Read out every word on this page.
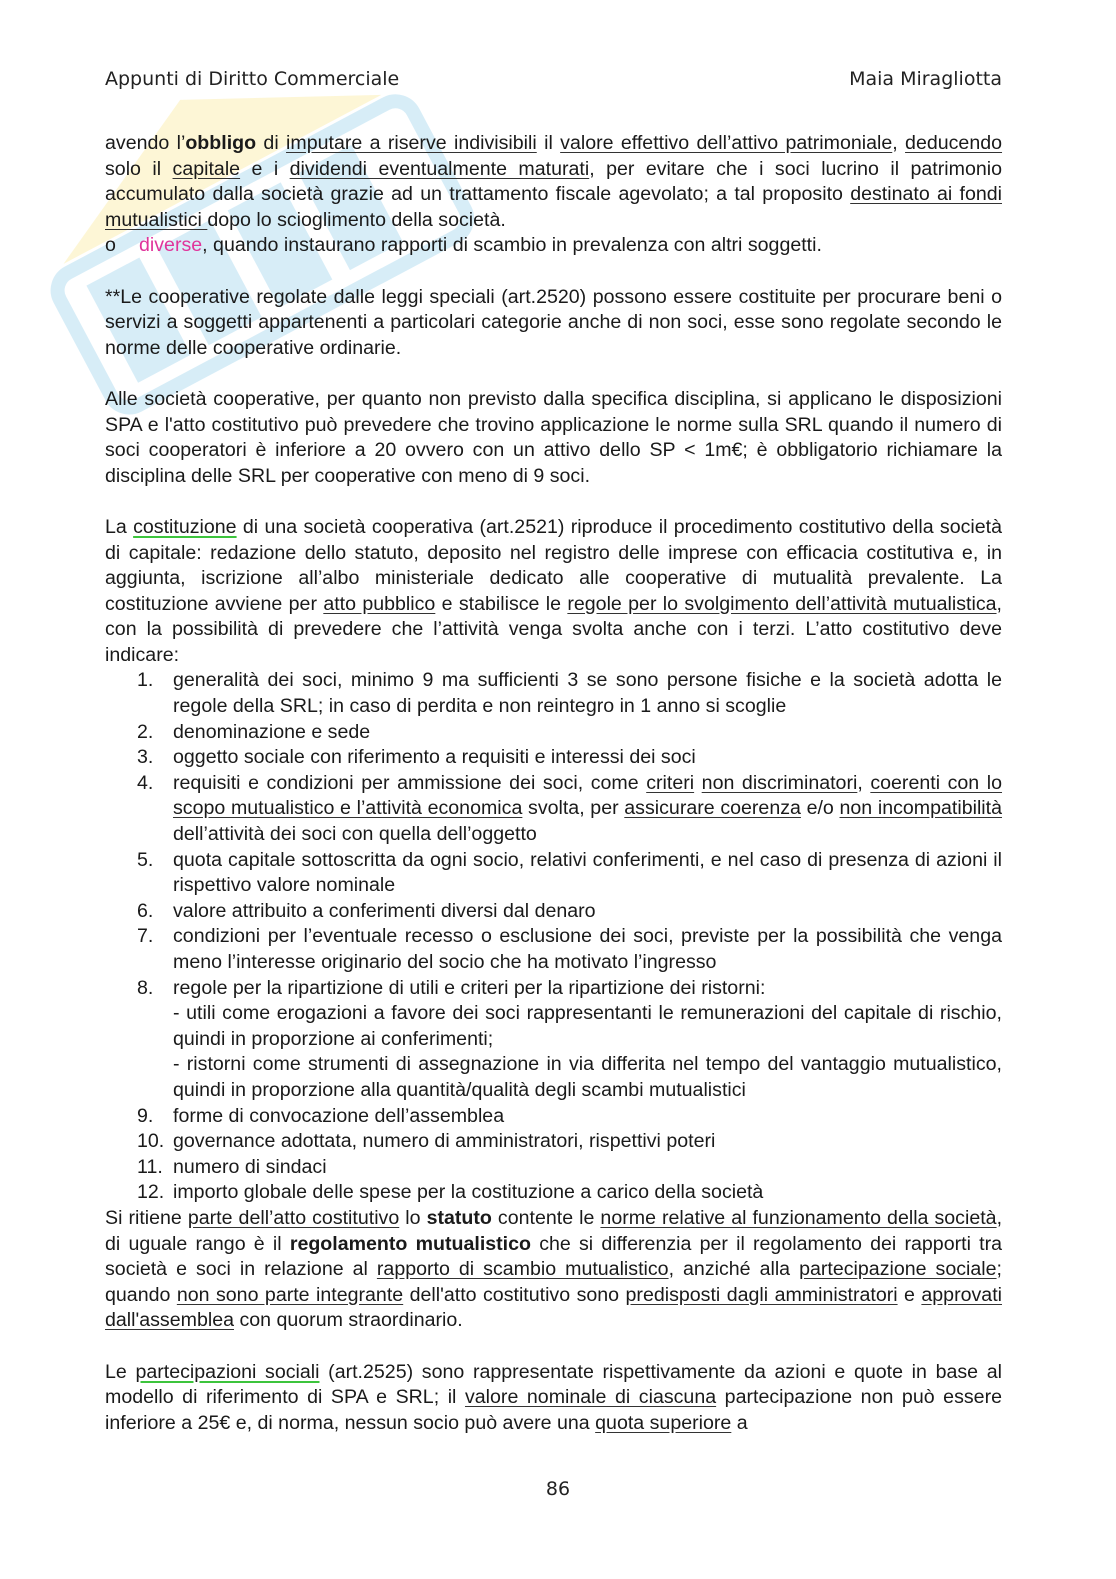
Appunti di Diritto Commerciale	Maia Miragliotta

avendo l’obbligo di imputare a riserve indivisibili il valore effettivo dell’attivo patrimoniale, deducendo solo il capitale e i dividendi eventualmente maturati, per evitare che i soci lucrino il patrimonio accumulato dalla società grazie ad un trattamento fiscale agevolato; a tal proposito destinato ai fondi mutualistici dopo lo scioglimento della società.

o	diverse, quando instaurano rapporti di scambio in prevalenza con altri soggetti.

**Le cooperative regolate dalle leggi speciali (art.2520) possono essere costituite per procurare beni o servizi a soggetti appartenenti a particolari categorie anche di non soci, esse sono regolate secondo le norme delle cooperative ordinarie.

Alle società cooperative, per quanto non previsto dalla specifica disciplina, si applicano le disposizioni SPA e l'atto costitutivo può prevedere che trovino applicazione le norme sulla SRL quando il numero di soci cooperatori è inferiore a 20 ovvero con un attivo dello SP < 1m€; è obbligatorio richiamare la disciplina delle SRL per cooperative con meno di 9 soci.

La costituzione di una società cooperativa (art.2521) riproduce il procedimento costitutivo della società di capitale: redazione dello statuto, deposito nel registro delle imprese con efficacia costitutiva e, in aggiunta, iscrizione all’albo ministeriale dedicato alle cooperative di mutualità prevalente. La costituzione avviene per atto pubblico e stabilisce le regole per lo svolgimento dell’attività mutualistica, con la possibilità di prevedere che l’attività venga svolta anche con i terzi. L’atto costitutivo deve indicare:

1.	generalità dei soci, minimo 9 ma sufficienti 3 se sono persone fisiche e la società adotta le regole della SRL; in caso di perdita e non reintegro in 1 anno si scoglie
2.	denominazione e sede
3.	oggetto sociale con riferimento a requisiti e interessi dei soci
4.	requisiti e condizioni per ammissione dei soci, come criteri non discriminatori, coerenti con lo scopo mutualistico e l’attività economica svolta, per assicurare coerenza e/o non incompatibilità dell’attività dei soci con quella dell’oggetto
5.	quota capitale sottoscritta da ogni socio, relativi conferimenti, e nel caso di presenza di azioni il rispettivo valore nominale
6.	valore attribuito a conferimenti diversi dal denaro
7.	condizioni per l’eventuale recesso o esclusione dei soci, previste per la possibilità che venga meno l’interesse originario del socio che ha motivato l’ingresso
8.	regole per la ripartizione di utili e criteri per la ripartizione dei ristorni:
- utili come erogazioni a favore dei soci rappresentanti le remunerazioni del capitale di rischio, quindi in proporzione ai conferimenti;
- ristorni come strumenti di assegnazione in via differita nel tempo del vantaggio mutualistico, quindi in proporzione alla quantità/qualità degli scambi mutualistici
9.	forme di convocazione dell’assemblea
10. governance adottata, numero di amministratori, rispettivi poteri
11. numero di sindaci
12. importo globale delle spese per la costituzione a carico della società

Si ritiene parte dell’atto costitutivo lo statuto contente le norme relative al funzionamento della società, di uguale rango è il regolamento mutualistico che si differenzia per il regolamento dei rapporti tra società e soci in relazione al rapporto di scambio mutualistico, anziché alla partecipazione sociale; quando non sono parte integrante dell'atto costitutivo sono predisposti dagli amministratori e approvati dall'assemblea con quorum straordinario.

Le partecipazioni sociali (art.2525) sono rappresentate rispettivamente da azioni e quote in base al modello di riferimento di SPA e SRL; il valore nominale di ciascuna partecipazione non può essere inferiore a 25€ e, di norma, nessun socio può avere una quota superiore a

86
